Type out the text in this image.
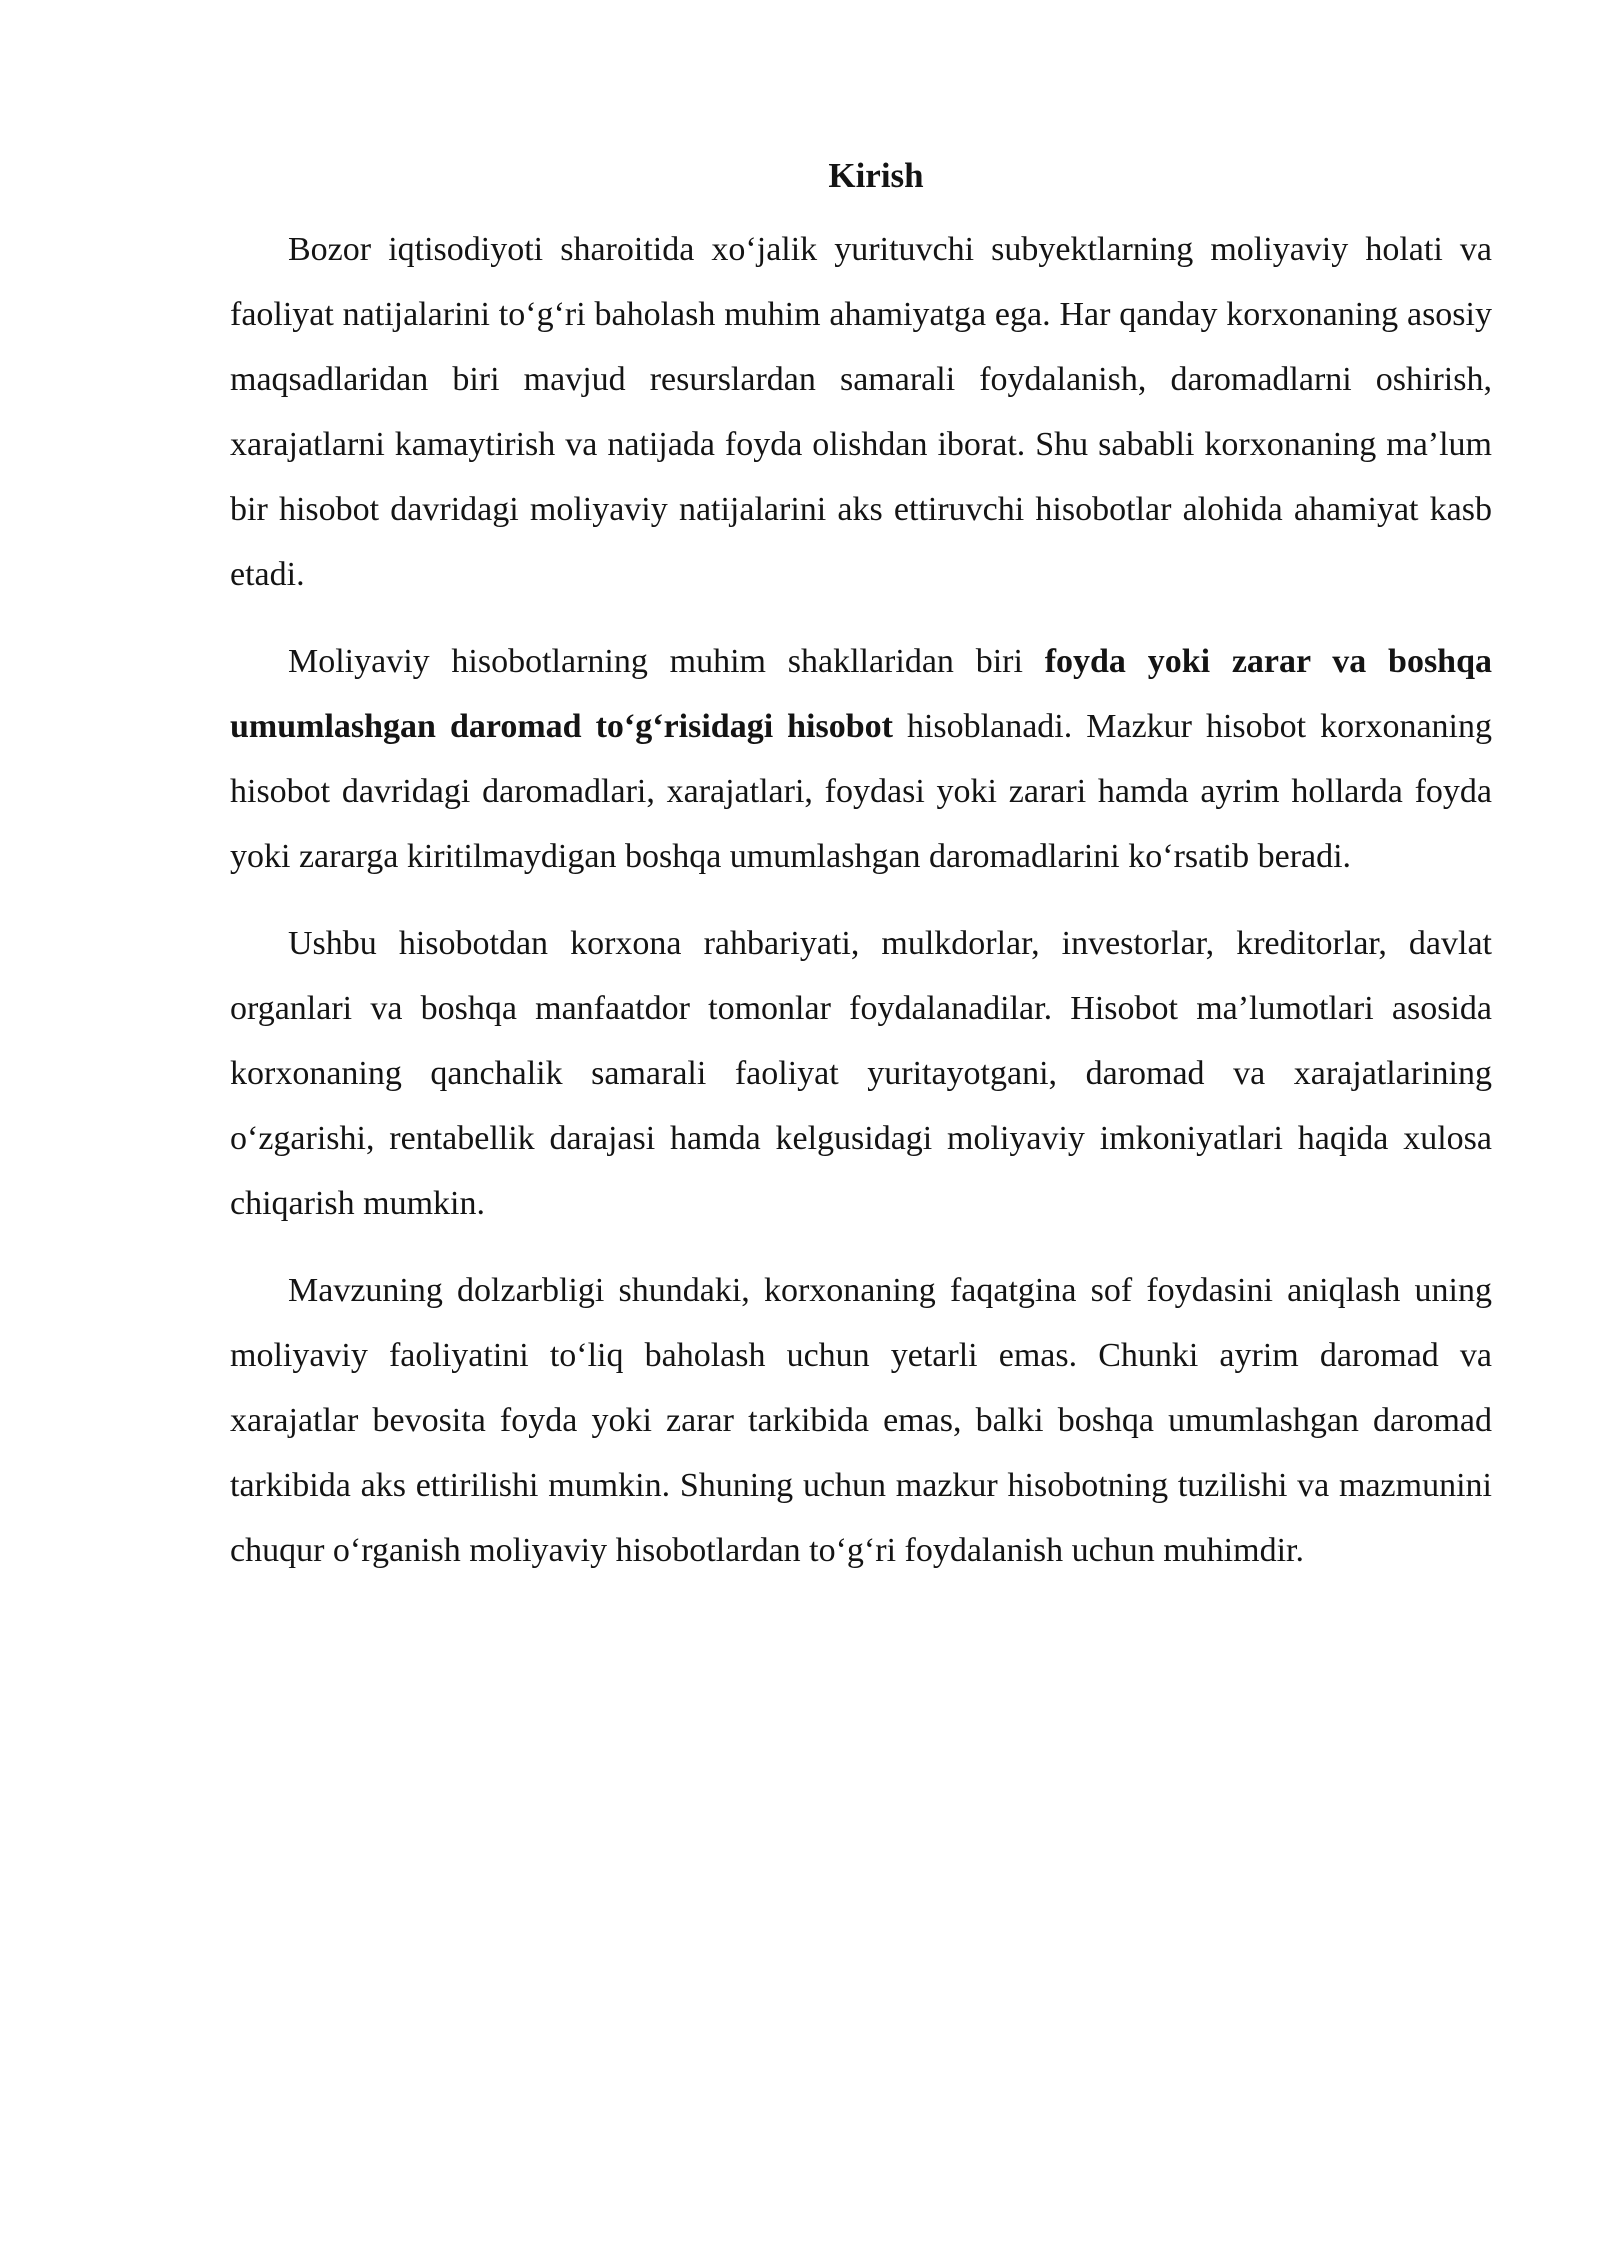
Kirish

Bozor iqtisodiyoti sharoitida xo‘jalik yurituvchi subyektlarning moliyaviy holati va faoliyat natijalarini to‘g‘ri baholash muhim ahamiyatga ega. Har qanday korxonaning asosiy maqsadlaridan biri mavjud resurslardan samarali foydalanish, daromadlarni oshirish, xarajatlarni kamaytirish va natijada foyda olishdan iborat. Shu sababli korxonaning ma’lum bir hisobot davridagi moliyaviy natijalarini aks ettiruvchi hisobotlar alohida ahamiyat kasb etadi.

Moliyaviy hisobotlarning muhim shakllaridan biri foyda yoki zarar va boshqa umumlashgan daromad to‘g‘risidagi hisobot hisoblanadi. Mazkur hisobot korxonaning hisobot davridagi daromadlari, xarajatlari, foydasi yoki zarari hamda ayrim hollarda foyda yoki zararga kiritilmaydigan boshqa umumlashgan daromadlarini ko‘rsatib beradi.

Ushbu hisobotdan korxona rahbariyati, mulkdorlar, investorlar, kreditorlar, davlat organlari va boshqa manfaatdor tomonlar foydalanadilar. Hisobot ma’lumotlari asosida korxonaning qanchalik samarali faoliyat yuritayotgani, daromad va xarajatlarining o‘zgarishi, rentabellik darajasi hamda kelgusidagi moliyaviy imkoniyatlari haqida xulosa chiqarish mumkin.

Mavzuning dolzarbligi shundaki, korxonaning faqatgina sof foydasini aniqlash uning moliyaviy faoliyatini to‘liq baholash uchun yetarli emas. Chunki ayrim daromad va xarajatlar bevosita foyda yoki zarar tarkibida emas, balki boshqa umumlashgan daromad tarkibida aks ettirilishi mumkin. Shuning uchun mazkur hisobotning tuzilishi va mazmunini chuqur o‘rganish moliyaviy hisobotlardan to‘g‘ri foydalanish uchun muhimdir.
